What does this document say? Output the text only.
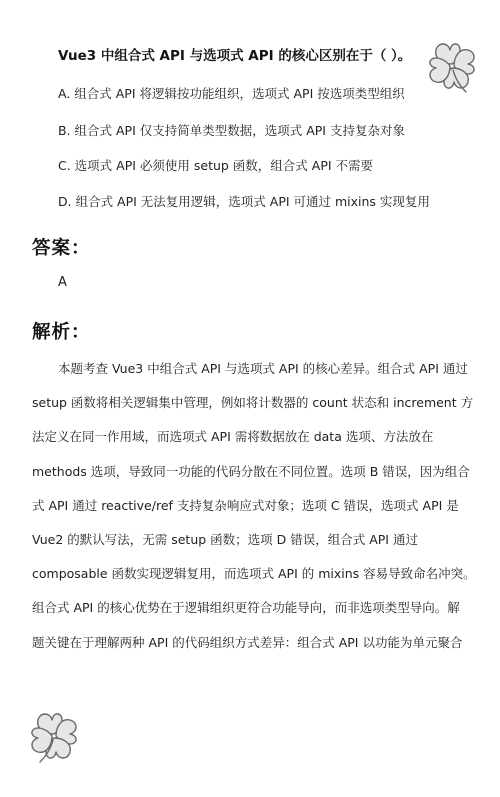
Vue3 中组合式 API 与选项式 API 的核心区别在于（ ）。
A. 组合式 API 将逻辑按功能组织，选项式 API 按选项类型组织
B. 组合式 API 仅支持简单类型数据，选项式 API 支持复杂对象
C. 选项式 API 必须使用 setup 函数，组合式 API 不需要
D. 组合式 API 无法复用逻辑，选项式 API 可通过 mixins 实现复用
答案：
A
解析：
本题考查 Vue3 中组合式 API 与选项式 API 的核心差异。组合式 API 通过
setup 函数将相关逻辑集中管理，例如将计数器的 count 状态和 increment 方
法定义在同一作用域，而选项式 API 需将数据放在 data 选项、方法放在
methods 选项，导致同一功能的代码分散在不同位置。选项 B 错误，因为组合
式 API 通过 reactive/ref 支持复杂响应式对象；选项 C 错误，选项式 API 是
Vue2 的默认写法，无需 setup 函数；选项 D 错误，组合式 API 通过
composable 函数实现逻辑复用，而选项式 API 的 mixins 容易导致命名冲突。
组合式 API 的核心优势在于逻辑组织更符合功能导向，而非选项类型导向。解
题关键在于理解两种 API 的代码组织方式差异：组合式 API 以功能为单元聚合
